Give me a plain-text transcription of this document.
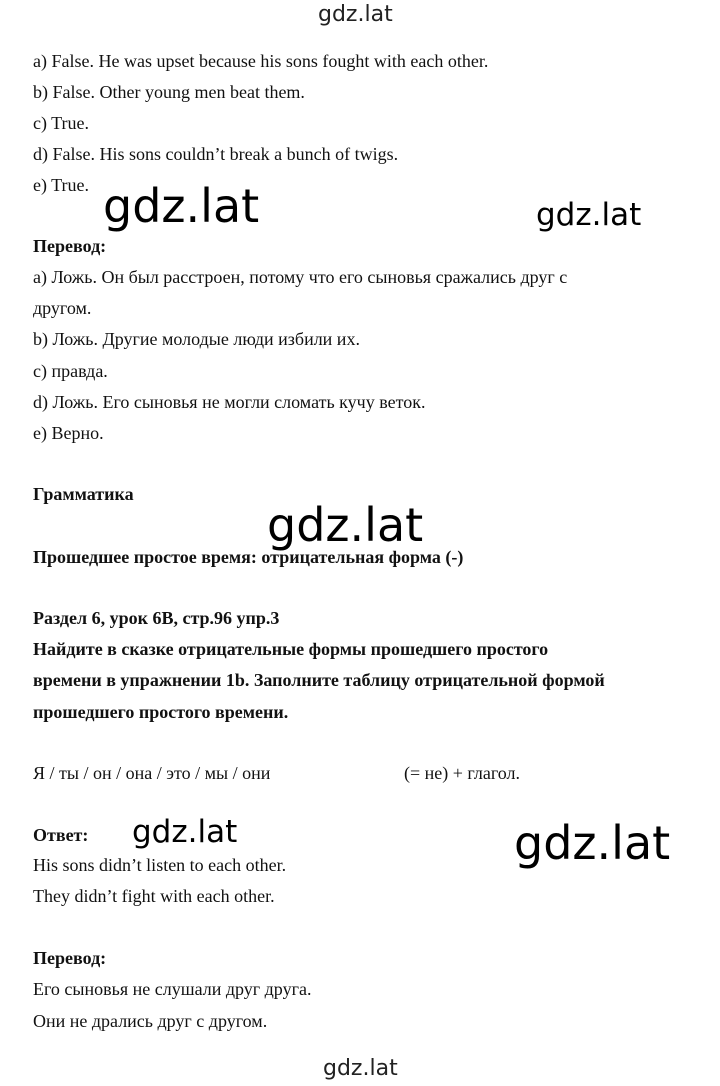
gdz.lat
gdz.lat	gdz.lat
gdz.lat
gdz.lat	gdz.lat
gdz.lat
a) False. He was upset because his sons fought with each other.
b) False. Other young men beat them.
c) True.
d) False. His sons couldn’t break a bunch of twigs.
e) True.
Перевод:
a) Ложь. Он был расстроен, потому что его сыновья сражались друг с
другом.
b) Ложь. Другие молодые люди избили их.
c) правда.
d) Ложь. Его сыновья не могли сломать кучу веток.
e) Верно.
Грамматика
Прошедшее простое время: отрицательная форма (-)
Раздел 6, урок 6В, стр.96 упр.3
Найдите в сказке отрицательные формы прошедшего простого
времени в упражнении 1b. Заполните таблицу отрицательной формой
прошедшего простого времени.
Я / ты / он / она / это / мы / они	(= не) + глагол.
Ответ:
His sons didn’t listen to each other.
They didn’t fight with each other.
Перевод:
Его сыновья не слушали друг друга.
Они не дрались друг с другом.
